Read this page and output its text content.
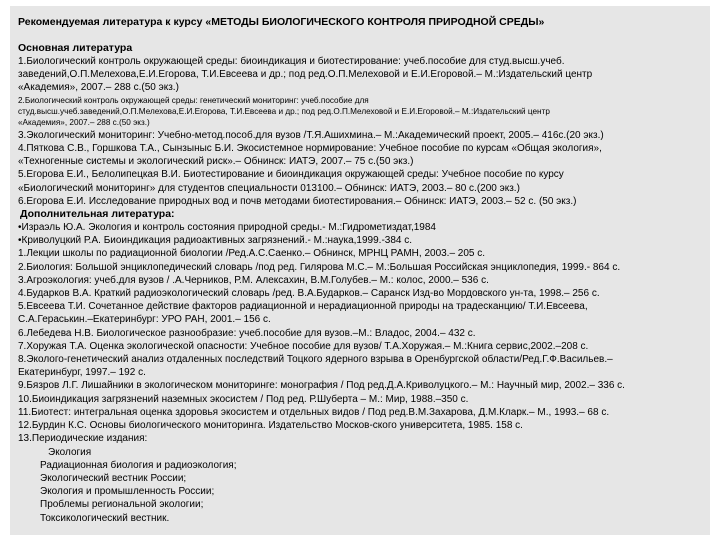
Рекомендуемая литература к курсу «МЕТОДЫ БИОЛОГИЧЕСКОГО КОНТРОЛЯ ПРИРОДНОЙ СРЕДЫ»
Основная литература
1.Биологический контроль окружающей среды: биоиндикация и биотестирование: учеб.пособие для студ.высш.учеб.
заведений,О.П.Мелехова,Е.И.Егорова, Т.И.Евсеева и др.; под ред.О.П.Мелеховой и Е.И.Егоровой.– М.:Издательский центр
«Академия», 2007.– 288 с.(50 экз.)
2.Биологический контроль окружающей среды: генетический мониторинг: учеб.пособие для
студ.высш.учеб.заведений,О.П.Мелехова,Е.И.Егорова, Т.И.Евсеева и др.; под ред.О.П.Мелеховой и Е.И.Егоровой.– М.:Издательский центр
«Академия», 2007.– 288 с.(50 экз.)
3.Экологический мониторинг: Учебно-метод.пособ.для вузов /Т.Я.Ашихмина.– М.:Академический проект, 2005.– 416с.(20 экз.)
4.Пяткова С.В., Горшкова Т.А., Сынзыныс Б.И. Экосистемное нормирование: Учебное пособие по курсам «Общая экология»,
«Техногенные системы и экологический риск».– Обнинск: ИАТЭ, 2007.– 75 с.(50 экз.)
5.Егорова Е.И., Белолипецкая В.И. Биотестирование и биоиндикация окружающей среды: Учебное пособие по курсу
«Биологический мониторинг» для студентов специальности 013100.– Обнинск: ИАТЭ, 2003.– 80 с.(200 экз.)
6.Егорова Е.И. Исследование природных вод и почв методами биотестирования.– Обнинск: ИАТЭ, 2003.– 52 с. (50 экз.)
Дополнительная литература:
•Израэль Ю.А. Экология и контроль состояния природной среды.- М.:Гидрометиздат,1984
•Криволуцкий Р.А. Биоиндикация радиоактивных загрязнений.- М.:наука,1999.-384 с.
1.Лекции школы по радиационной биологии /Ред.А.С.Саенко.– Обнинск, МРНЦ РАМН, 2003.– 205 с.
2.Биология: Большой энциклопедический словарь /под ред. Гилярова М.С.– М.:Большая Российская энциклопедия, 1999.- 864 с.
3.Агроэкология: учеб.для вузов / .А.Черников, Р.М. Алексахин, В.М.Голубев.– М.: колос, 2000.– 536 с.
4.Бударков В.А. Краткий радиоэкологический словарь /ред. В.А.Бударков.– Саранск Изд-во Мордовского ун-та, 1998.– 256 с.
5.Евсеева Т.И. Сочетанное действие факторов радиационной и нерадиационной природы на традесканцию/ Т.И.Евсеева,
С.А.Гераськин.–Екатеринбург: УРО РАН, 2001.– 156 с.
6.Лебедева Н.В. Биологическое разнообразие: учеб.пособие для вузов.–М.: Владос, 2004.– 432 с.
7.Хоружая Т.А. Оценка экологической опасности: Учебное пособие для вузов/ Т.А.Хоружая.– М.:Книга сервис,2002.–208 с.
8.Эколого-генетический анализ отдаленных последствий Тоцкого ядерного взрыва в Оренбургской области/Ред.Г.Ф.Васильев.–
Екатеринбург, 1997.– 192 с.
9.Бязров Л.Г. Лишайники в экологическом мониторинге: монография / Под ред.Д.А.Криволуцкого.– М.: Научный мир, 2002.– 336 с.
10.Биоиндикация загрязнений наземных экосистем / Под ред. Р.Шуберта – М.: Мир, 1988.–350 с.
11.Биотест: интегральная оценка здоровья экосистем и отдельных видов / Под ред.В.М.Захарова, Д.М.Кларк.– М., 1993.– 68 с.
12.Бурдин К.С. Основы биологического мониторинга. Издательство Москов-ского университета, 1985. 158 с.
13.Периодические издания:
Экология
Радиационная биология и радиоэкология;
Экологический вестник России;
Экология и промышленность России;
Проблемы региональной экологии;
Токсикологический вестник.
